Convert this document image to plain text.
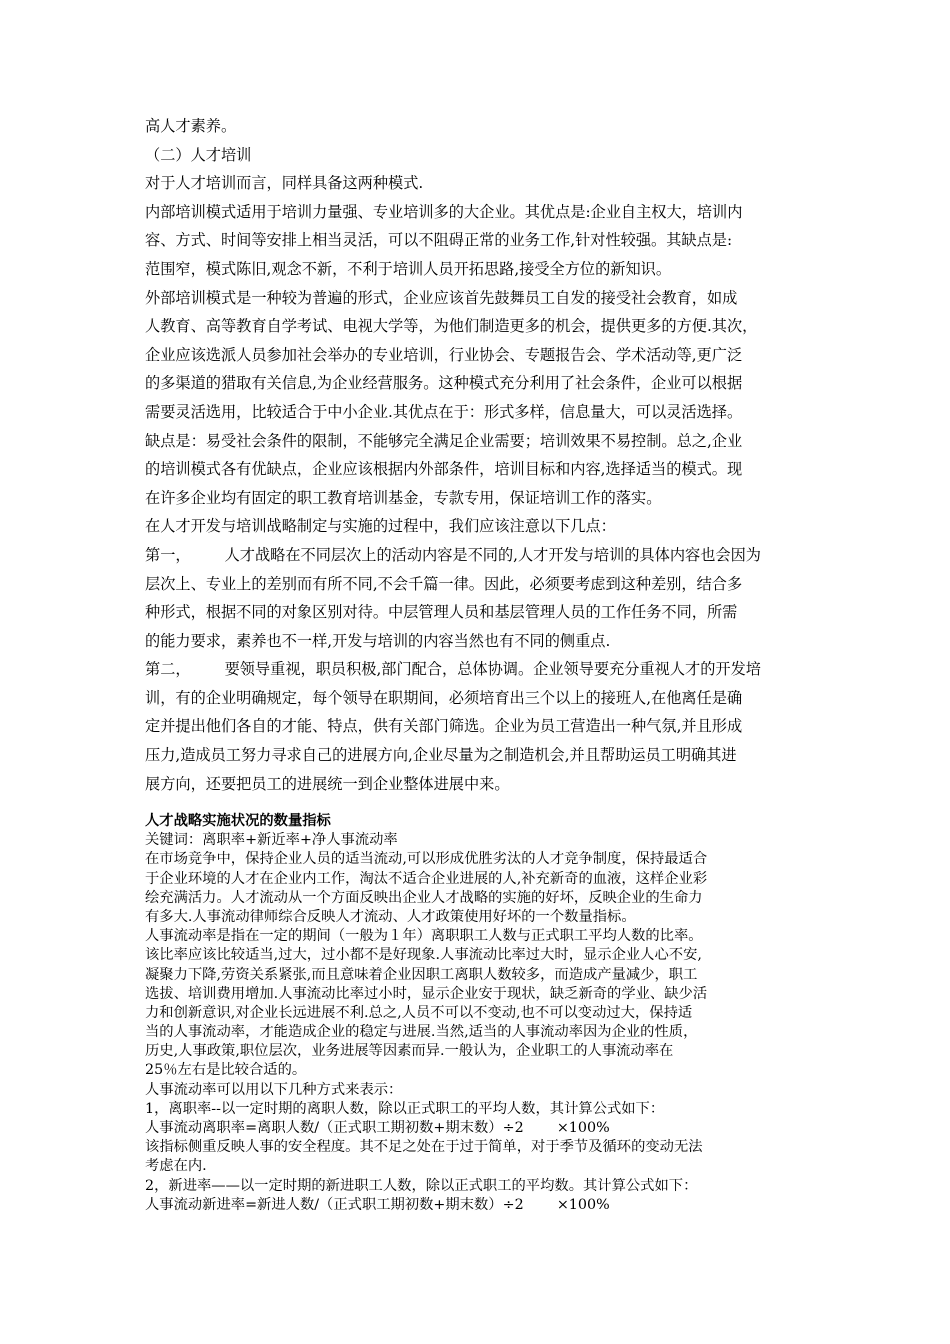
高人才素养。
（二）人才培训
对于人才培训而言，同样具备这两种模式.
内部培训模式适用于培训力量强、专业培训多的大企业。其优点是:企业自主权大，培训内
容、方式、时间等安排上相当灵活，可以不阻碍正常的业务工作,针对性较强。其缺点是:
范围窄，模式陈旧,观念不新，不利于培训人员开拓思路,接受全方位的新知识。
外部培训模式是一种较为普遍的形式，企业应该首先鼓舞员工自发的接受社会教育，如成
人教育、高等教育自学考试、电视大学等，为他们制造更多的机会，提供更多的方便.其次，
企业应该选派人员参加社会举办的专业培训，行业协会、专题报告会、学术活动等,更广泛
的多渠道的猎取有关信息,为企业经营服务。这种模式充分利用了社会条件，企业可以根据
需要灵活选用，比较适合于中小企业.其优点在于：形式多样，信息量大，可以灵活选择。
缺点是：易受社会条件的限制，不能够完全满足企业需要；培训效果不易控制。总之,企业
的培训模式各有优缺点，企业应该根据内外部条件，培训目标和内容,选择适当的模式。现
在许多企业均有固定的职工教育培训基金，专款专用，保证培训工作的落实。
在人才开发与培训战略制定与实施的过程中，我们应该注意以下几点：
第一， 人才战略在不同层次上的活动内容是不同的,人才开发与培训的具体内容也会因为
层次上、专业上的差别而有所不同,不会千篇一律。因此，必须要考虑到这种差别，结合多
种形式，根据不同的对象区别对待。中层管理人员和基层管理人员的工作任务不同，所需
的能力要求，素养也不一样,开发与培训的内容当然也有不同的侧重点.
第二， 要领导重视，职员积极,部门配合，总体协调。企业领导要充分重视人才的开发培
训，有的企业明确规定，每个领导在职期间，必须培育出三个以上的接班人,在他离任是确
定并提出他们各自的才能、特点，供有关部门筛选。企业为员工营造出一种气氛,并且形成
压力,造成员工努力寻求自己的进展方向,企业尽量为之制造机会,并且帮助运员工明确其进
展方向，还要把员工的进展统一到企业整体进展中来。
人才战略实施状况的数量指标
关键词：离职率+新近率+净人事流动率
在市场竞争中，保持企业人员的适当流动,可以形成优胜劣汰的人才竞争制度，保持最适合
于企业环境的人才在企业内工作，淘汰不适合企业进展的人,补充新奇的血液，这样企业彩
绘充满活力。人才流动从一个方面反映出企业人才战略的实施的好坏，反映企业的生命力
有多大.人事流动律师综合反映人才流动、人才政策使用好坏的一个数量指标。
人事流动率是指在一定的期间（一般为１年）离职职工人数与正式职工平均人数的比率。
该比率应该比较适当,过大，过小都不是好现象.人事流动比率过大时，显示企业人心不安,
凝聚力下降,劳资关系紧张,而且意味着企业因职工离职人数较多，而造成产量减少，职工
选拔、培训费用增加.人事流动比率过小时，显示企业安于现状，缺乏新奇的学业、缺少活
力和创新意识,对企业长远进展不利.总之,人员不可以不变动,也不可以变动过大，保持适
当的人事流动率，才能造成企业的稳定与进展.当然,适当的人事流动率因为企业的性质，
历史,人事政策,职位层次，业务进展等因素而异.一般认为，企业职工的人事流动率在
25％左右是比较合适的。
人事流动率可以用以下几种方式来表示：
1，离职率--以一定时期的离职人数，除以正式职工的平均人数，其计算公式如下：
人事流动离职率=离职人数/（正式职工期初数+期末数）÷2　　 ×100%
该指标侧重反映人事的安全程度。其不足之处在于过于简单，对于季节及循环的变动无法
考虑在内.
2，新进率——以一定时期的新进职工人数，除以正式职工的平均数。其计算公式如下：
人事流动新进率=新进人数/（正式职工期初数+期末数）÷2　　 ×100%
